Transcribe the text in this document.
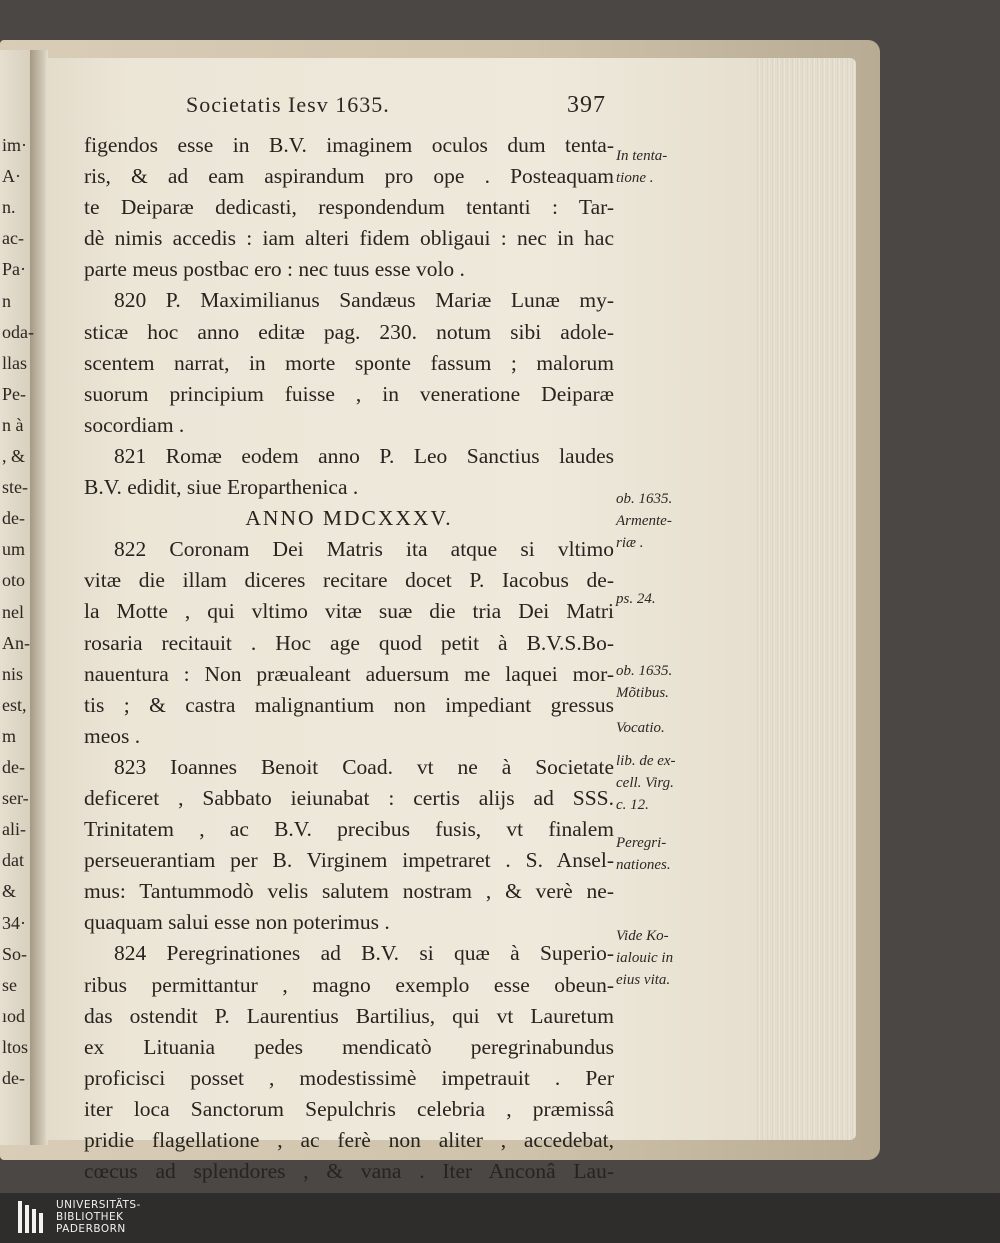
im·
A·
n.
ac-
Pa·
n
oda-
llas
Pe-
n à
, &
ste-
de-
um
oto
nel
An-
nis
est,
m
de-
ser-
ali-
dat
&
34·
So-
se
ıod
ltos
de-
Societatis Iesv 1635.	397
figendos esse in B.V. imaginem oculos dum tenta-
ris, & ad eam aspirandum pro ope . Posteaquam
te Deiparæ dedicasti, respondendum tentanti : Tar-
dè nimis accedis : iam alteri fidem obligaui : nec in hac
parte meus postbac ero : nec tuus esse volo .
820 P. Maximilianus Sandæus Mariæ Lunæ my-
sticæ hoc anno editæ pag. 230. notum sibi adole-
scentem narrat, in morte sponte fassum ; malorum
suorum principium fuisse , in veneratione Deiparæ
socordiam .
821 Romæ eodem anno P. Leo Sanctius laudes
B.V. edidit, siue Eroparthenica .
ANNO MDCXXXV.
822 Coronam Dei Matris ita atque si vltimo
vitæ die illam diceres recitare docet P. Iacobus de-
la Motte , qui vltimo vitæ suæ die tria Dei Matri
rosaria recitauit . Hoc age quod petit à B.V.S.Bo-
nauentura : Non præualeant aduersum me laquei mor-
tis ; & castra malignantium non impediant gressus
meos .
823 Ioannes Benoit Coad. vt ne à Societate
deficeret , Sabbato ieiunabat : certis alijs ad SSS.
Trinitatem , ac B.V. precibus fusis, vt finalem
perseuerantiam per B. Virginem impetraret . S. Ansel-
mus: Tantummodò velis salutem nostram , & verè ne-
quaquam salui esse non poterimus .
824 Peregrinationes ad B.V. si quæ à Superio-
ribus permittantur , magno exemplo esse obeun-
das ostendit P. Laurentius Bartilius, qui vt Lauretum
ex Lituania pedes mendicatò peregrinabundus
proficisci posset , modestissimè impetrauit . Per
iter loca Sanctorum Sepulchris celebria , præmissâ
pridie flagellatione , ac ferè non aliter , accedebat,
cœcus ad splendores , & vana . Iter Anconâ Lau-
In tenta-
tione .
ob. 1635.
Armente-
riæ .
ps. 24.
ob. 1635.
Mõtibus.
Vocatio.
lib. de ex-
cell. Virg.
c. 12.
Peregri-
nationes.
Vide Ko-
ialouic in
eius vita.
UNIVERSITÄTS-
BIBLIOTHEK
PADERBORN
